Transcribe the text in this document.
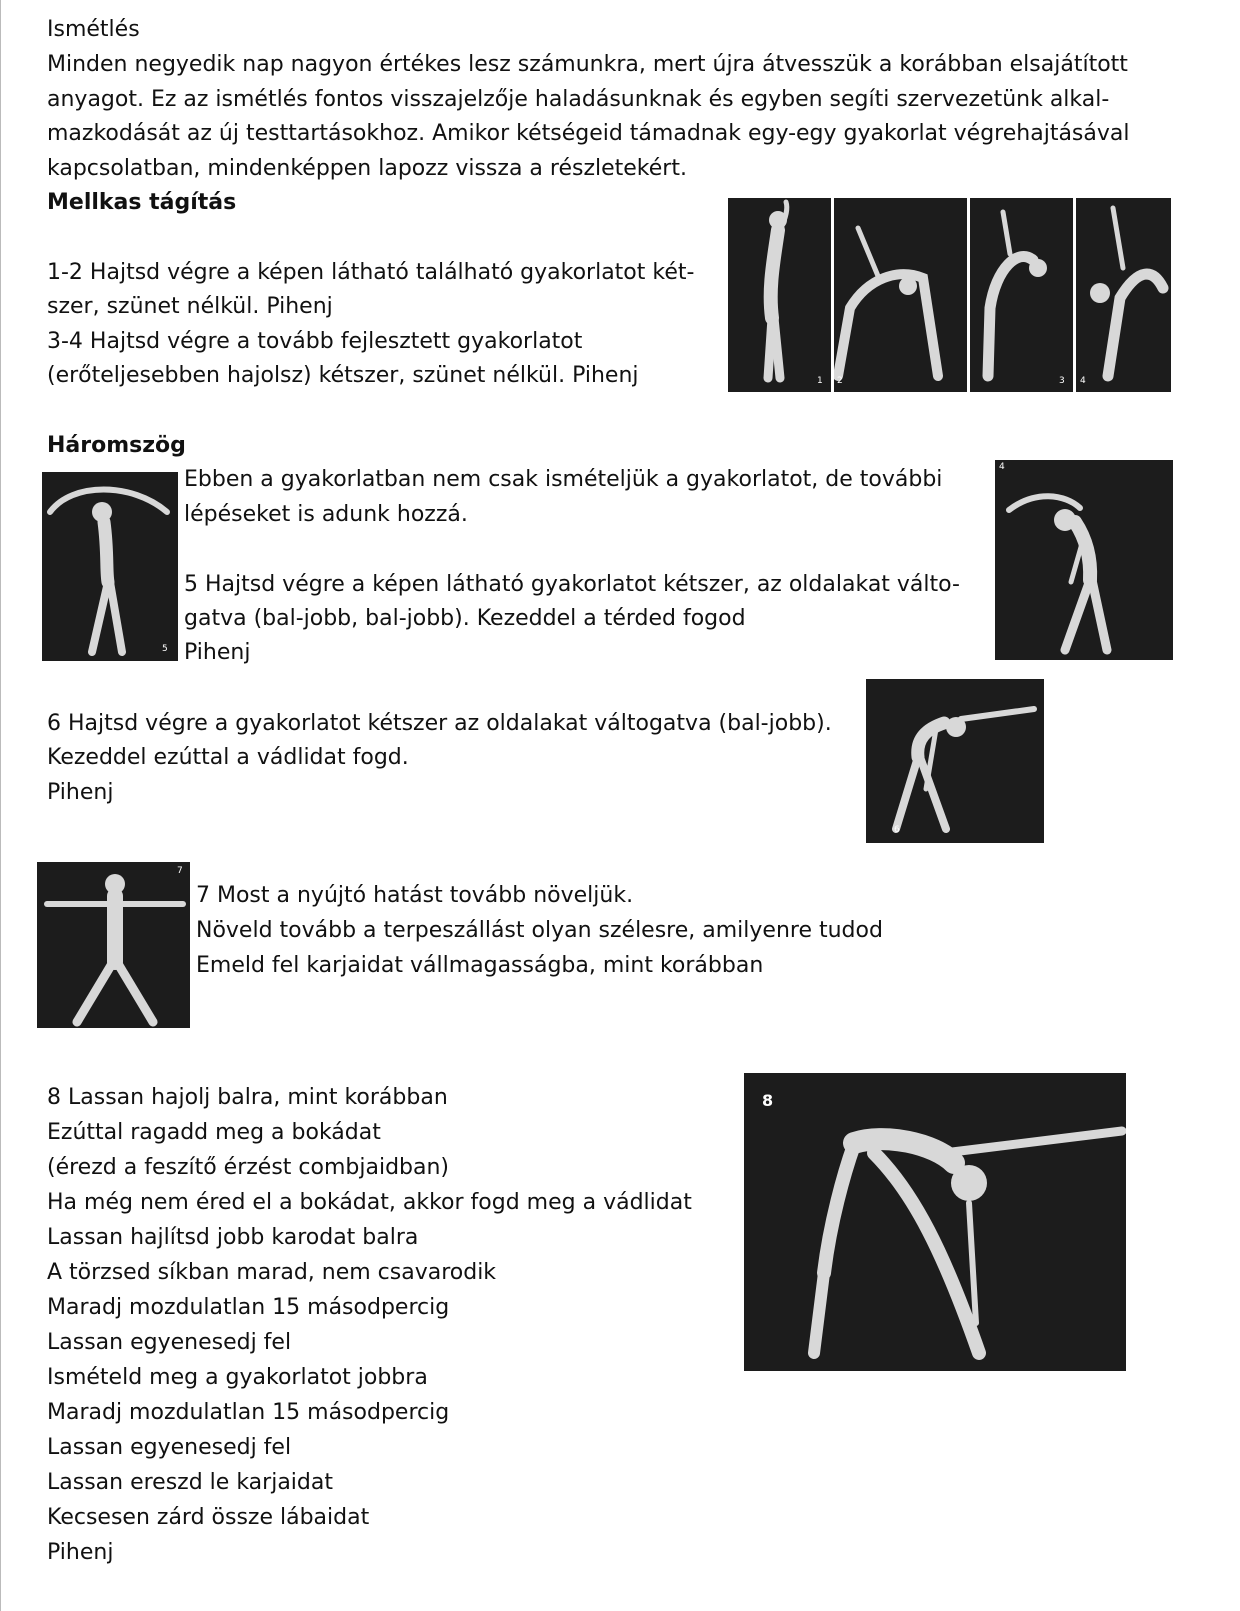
Ismétlés

Minden negyedik nap nagyon értékes lesz számunkra, mert újra átvesszük a korábban elsajátított

anyagot. Ez az ismétlés fontos visszajelzője haladásunknak és egyben segíti szervezetünk alkal-

mazkodását az új testtartásokhoz. Amikor kétségeid támadnak egy-egy gyakorlat végrehajtásával

kapcsolatban, mindenképpen lapozz vissza a részletekért.

Mellkas tágítás

1-2 Hajtsd végre a képen látható található gyakorlatot két-

szer, szünet nélkül. Pihenj

3-4 Hajtsd végre a tovább fejlesztett gyakorlatot

(erőteljesebben hajolsz) kétszer, szünet nélkül. Pihenj	1 2	3 4

Háromszög

5

Ebben a gyakorlatban nem csak ismételjük a gyakorlatot, de további

lépéseket is adunk hozzá.

5 Hajtsd végre a képen látható gyakorlatot kétszer, az oldalakat válto-

gatva (bal-jobb, bal-jobb). Kezeddel a térded fogod

Pihenj

4

6 Hajtsd végre a gyakorlatot kétszer az oldalakat váltogatva (bal-jobb).

Kezeddel ezúttal a vádlidat fogd.

Pihenj

6
7

7 Most a nyújtó hatást tovább növeljük.

Növeld tovább a terpeszállást olyan szélesre, amilyenre tudod

Emeld fel karjaidat vállmagasságba, mint korábban

8 Lassan hajolj balra, mint korábban

Ezúttal ragadd meg a bokádat

(érezd a feszítő érzést combjaidban)

Ha még nem éred el a bokádat, akkor fogd meg a vádlidat

Lassan hajlítsd jobb karodat balra

A törzsed síkban marad, nem csavarodik

Maradj mozdulatlan 15 másodpercig

Lassan egyenesedj fel

Ismételd meg a gyakorlatot jobbra

Maradj mozdulatlan 15 másodpercig

Lassan egyenesedj fel

Lassan ereszd le karjaidat

Kecsesen zárd össze lábaidat

Pihenj

8
